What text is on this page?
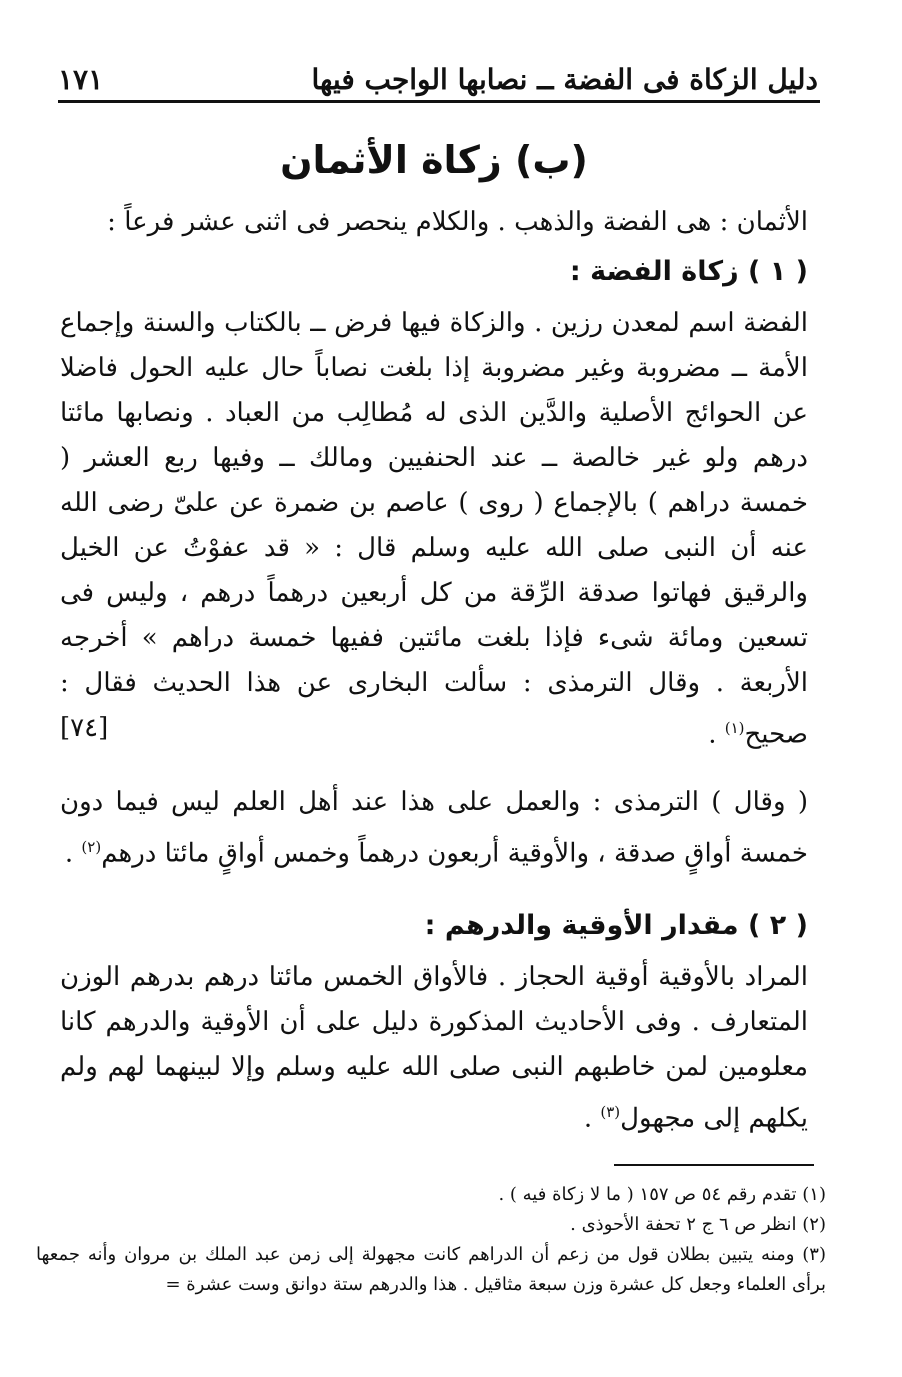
دليل الزكاة فى الفضة ــ نصابها الواجب فيها
١٧١
(ب) زكاة الأثمان

الأثمان : هى الفضة والذهب . والكلام ينحصر فى اثنى عشر فرعاً :

( ١ ) زكاة الفضة :

الفضة اسم لمعدن رزين . والزكاة فيها فرض ــ بالكتاب والسنة وإجماع الأمة ــ مضروبة وغير مضروبة إذا بلغت نصاباً حال عليه الحول فاضلا عن الحوائج الأصلية والدَّين الذى له مُطالِب من العباد . ونصابها مائتا درهم ولو غير خالصة ــ عند الحنفيين ومالك ــ وفيها ربع العشر ( خمسة دراهم ) بالإجماع ( روى ) عاصم بن ضمرة عن علىّ رضى الله عنه أن النبى صلى الله عليه وسلم قال : « قد عفوْتُ عن الخيل والرقيق فهاتوا صدقة الرِّقة من كل أربعين درهماً درهم ، وليس فى تسعين ومائة شىء فإذا بلغت مائتين ففيها خمسة دراهم » أخرجه الأربعة . وقال الترمذى : سألت البخارى عن هذا الحديث فقال : صحيح$^{(١)}$ .
[٧٤]

( وقال ) الترمذى : والعمل على هذا عند أهل العلم ليس فيما دون خمسة أواقٍ صدقة ، والأوقية أربعون درهماً وخمس أواقٍ مائتا درهم$^{(٢)}$ .

( ٢ ) مقدار الأوقية والدرهم :

المراد بالأوقية أوقية الحجاز . فالأواق الخمس مائتا درهم بدرهم الوزن المتعارف . وفى الأحاديث المذكورة دليل على أن الأوقية والدرهم كانا معلومين لمن خاطبهم النبى صلى الله عليه وسلم وإلا لبينهما لهم ولم يكلهم إلى مجهول$^{(٣)}$ .

(١) تقدم رقم ٥٤ ص ١٥٧ ( ما لا زكاة فيه ) .

(٢) انظر ص ٦ ج ٢ تحفة الأحوذى .

(٣) ومنه يتبين بطلان قول من زعم أن الدراهم كانت مجهولة إلى زمن عبد الملك بن مروان وأنه جمعها برأى العلماء وجعل كل عشرة وزن سبعة مثاقيل . هذا والدرهم ستة دوانق وست عشرة =
